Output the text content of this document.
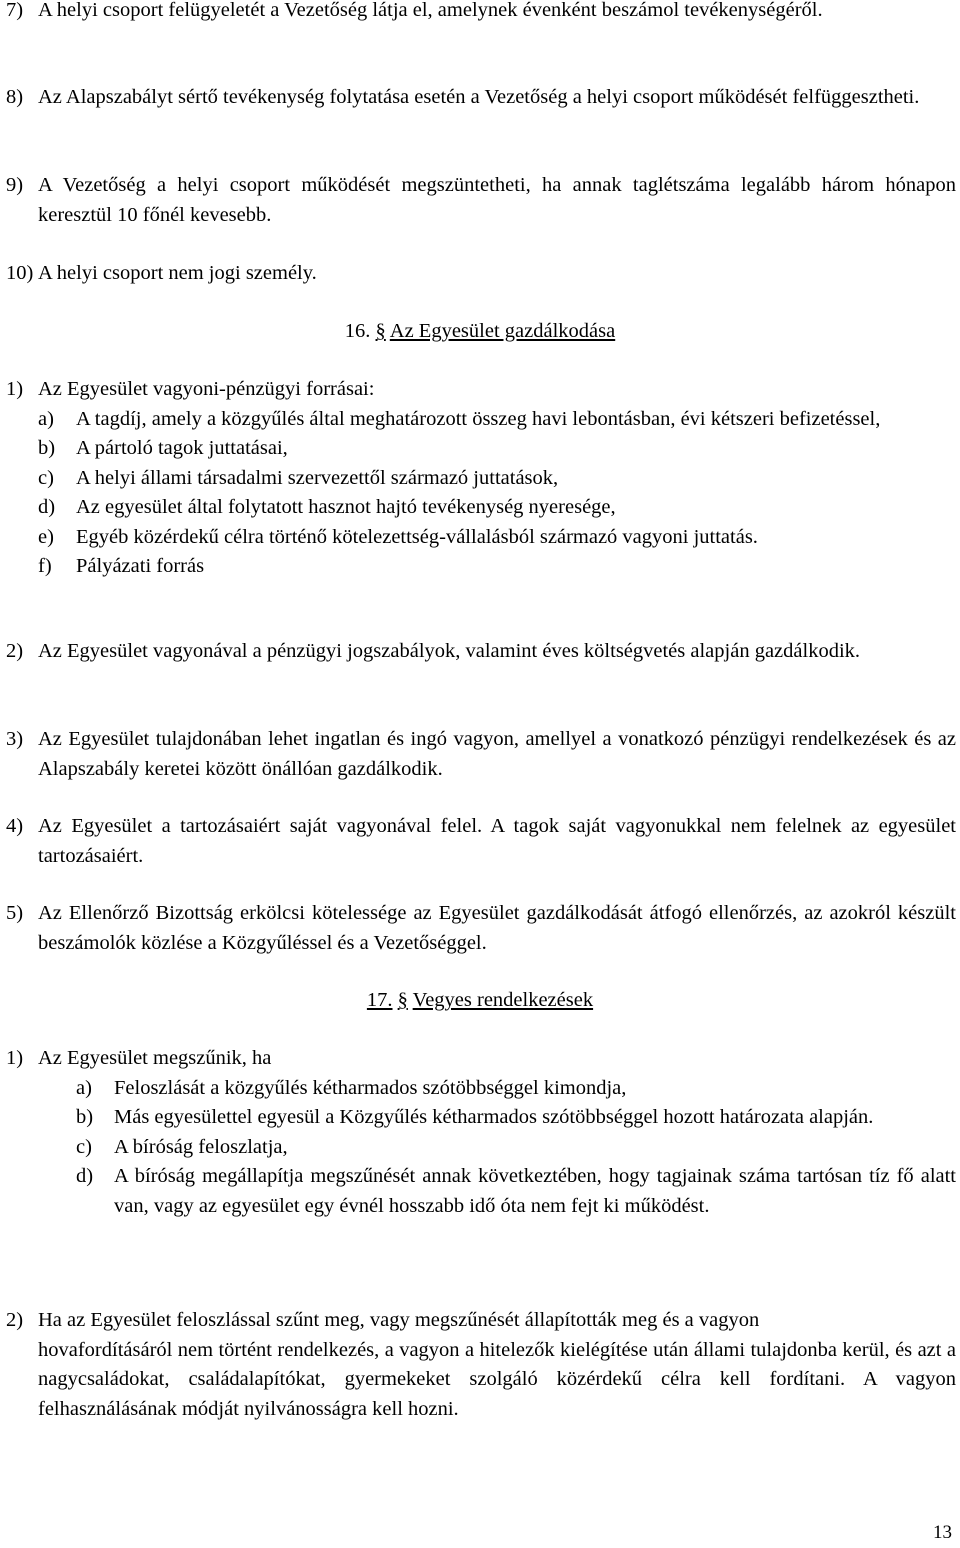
7) A helyi csoport felügyeletét a Vezetőség látja el, amelynek évenként beszámol tevékenységéről.
8) Az Alapszabályt sértő tevékenység folytatása esetén a Vezetőség a helyi csoport működését felfüggesztheti.
9) A Vezetőség a helyi csoport működését megszüntetheti, ha annak taglétszáma legalább három hónapon keresztül 10 főnél kevesebb.
10) A helyi csoport nem jogi személy.
16. § Az Egyesület gazdálkodása
1) Az Egyesület vagyoni-pénzügyi forrásai:
a)	A tagdíj, amely a közgyűlés által meghatározott összeg havi lebontásban, évi kétszeri befizetéssel,
b)	A pártoló tagok juttatásai,
c)	A helyi állami társadalmi szervezettől származó juttatások,
d)	Az egyesület által folytatott hasznot hajtó tevékenység nyeresége,
e)	Egyéb közérdekű célra történő kötelezettség-vállalásból származó vagyoni juttatás.
f)	Pályázati forrás
2) Az Egyesület vagyonával a pénzügyi jogszabályok, valamint éves költségvetés alapján gazdálkodik.
3) Az Egyesület tulajdonában lehet ingatlan és ingó vagyon, amellyel a vonatkozó pénzügyi rendelkezések és az Alapszabály keretei között önállóan gazdálkodik.
4) Az Egyesület a tartozásaiért saját vagyonával felel. A tagok saját vagyonukkal nem felelnek az egyesület tartozásaiért.
5) Az Ellenőrző Bizottság erkölcsi kötelessége az Egyesület gazdálkodását átfogó ellenőrzés, az azokról készült beszámolók közlése a Közgyűléssel és a Vezetőséggel.
17. § Vegyes rendelkezések
1) Az Egyesület megszűnik, ha
a)	Feloszlását a közgyűlés kétharmados szótöbbséggel kimondja,
b)	Más egyesülettel egyesül a Közgyűlés kétharmados szótöbbséggel hozott határozata alapján.
c)	A bíróság feloszlatja,
d)	A bíróság megállapítja megszűnését annak következtében, hogy tagjainak száma tartósan tíz fő alatt van, vagy az egyesület egy évnél hosszabb idő óta nem fejt ki működést.
2) Ha az Egyesület feloszlással szűnt meg, vagy megszűnését állapították meg és a vagyon
hovafordításáról nem történt rendelkezés, a vagyon a hitelezők kielégítése után állami tulajdonba kerül, és azt a nagycsaládokat, családalapítókat, gyermekeket szolgáló közérdekű célra kell fordítani. A vagyon felhasználásának módját nyilvánosságra kell hozni.
13
